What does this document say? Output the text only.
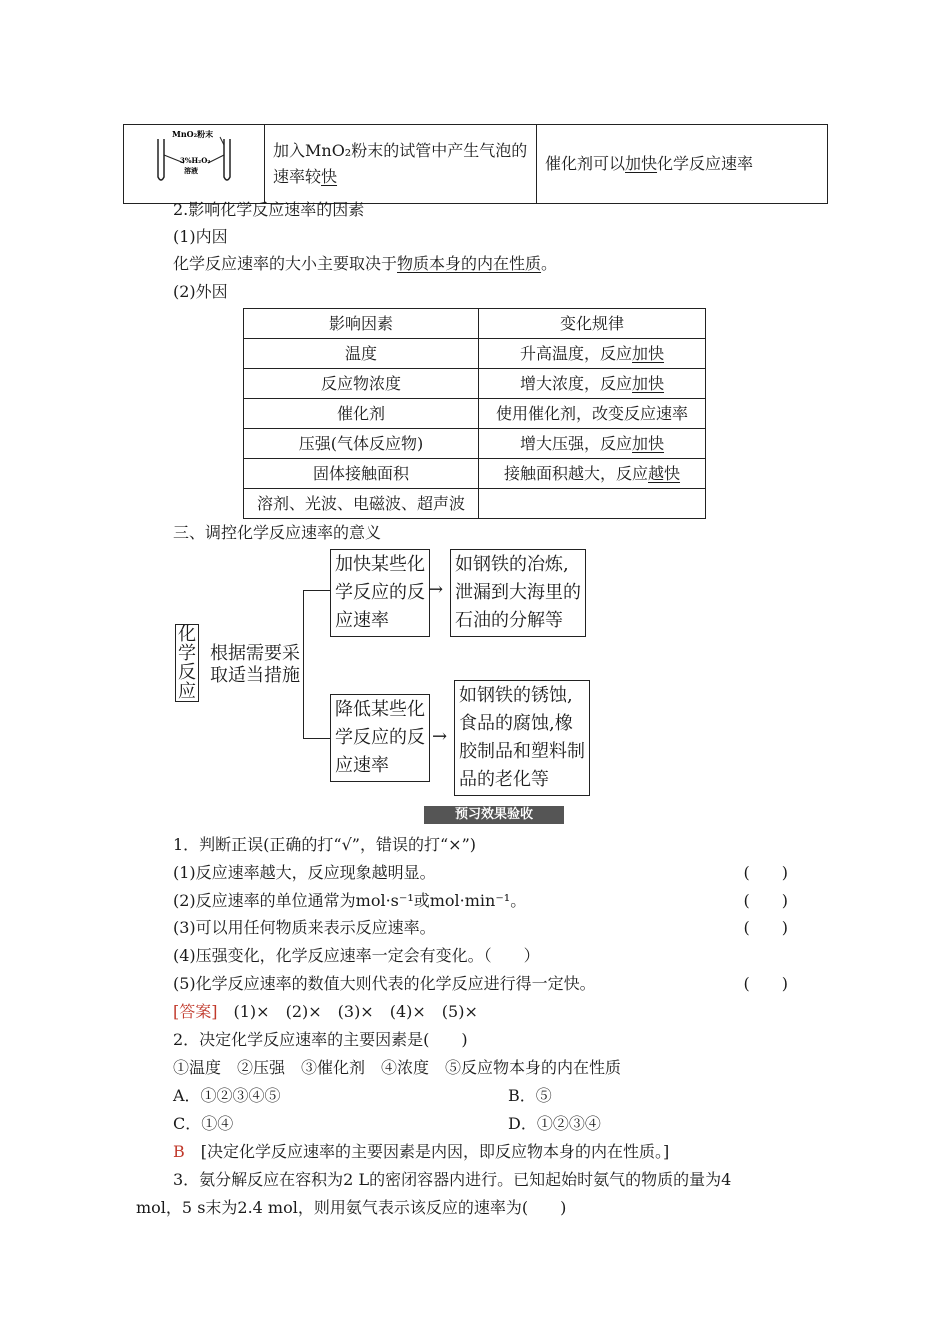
MnO₂粉末
3%H₂O₂
溶液

加入MnO₂粉末的试管中产生气泡的
速率较快
	催化剂可以加快化学反应速率
2.影响化学反应速率的因素
(1)内因
化学反应速率的大小主要取决于物质本身的内在性质。
(2)外因
影响因素	变化规律
温度	升高温度，反应加快
反应物浓度	增大浓度，反应加快
催化剂	使用催化剂，改变反应速率
压强(气体反应物)	增大压强，反应加快
固体接触面积	接触面积越大，反应越快
溶剂、光波、电磁波、超声波	
三、调控化学反应速率的意义
化
学
反
应
根据需要采
取适当措施
加快某些化
学反应的反
应速率
→
如钢铁的冶炼,
泄漏到大海里的
石油的分解等
降低某些化
学反应的反
应速率
→
如钢铁的锈蚀,
食品的腐蚀,橡
胶制品和塑料制
品的老化等
预习效果验收
1．判断正误(正确的打“√”，错误的打“×”)
(1)反应速率越大，反应现象越明显。	(　　)
(2)反应速率的单位通常为mol·s⁻¹或mol·min⁻¹。	(　　)
(3)可以用任何物质来表示反应速率。	(　　)
(4)压强变化，化学反应速率一定会有变化。（　　）
(5)化学反应速率的数值大则代表的化学反应进行得一定快。	(　　)
[答案]　(1)×　(2)×　(3)×　(4)×　(5)×
2．决定化学反应速率的主要因素是(　　)
①温度　②压强　③催化剂　④浓度　⑤反应物本身的内在性质
A．①②③④⑤	B．⑤
C．①④	D．①②③④
B　[决定化学反应速率的主要因素是内因，即反应物本身的内在性质。]
3．氨分解反应在容积为2 L的密闭容器内进行。已知起始时氨气的物质的量为4
mol，5 s末为2.4 mol，则用氨气表示该反应的速率为(　　)
